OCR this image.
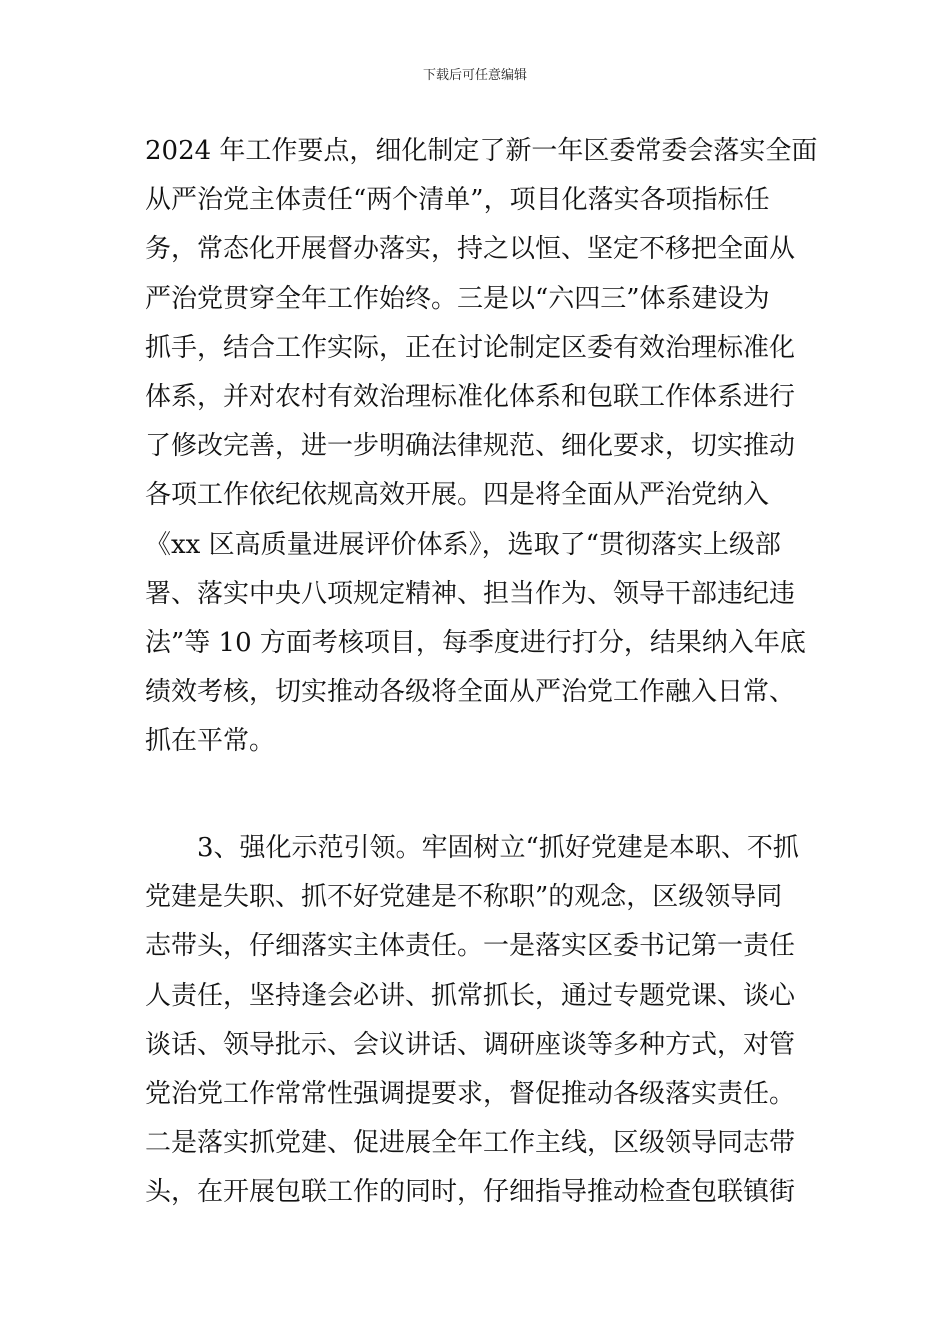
下载后可任意编辑
2024 年工作要点，细化制定了新一年区委常委会落实全面
从严治党主体责任“两个清单”，项目化落实各项指标任
务，常态化开展督办落实，持之以恒、坚定不移把全面从
严治党贯穿全年工作始终。三是以“六四三”体系建设为
抓手，结合工作实际，正在讨论制定区委有效治理标准化
体系，并对农村有效治理标准化体系和包联工作体系进行
了修改完善，进一步明确法律规范、细化要求，切实推动
各项工作依纪依规高效开展。四是将全面从严治党纳入
《xx 区高质量进展评价体系》，选取了“贯彻落实上级部
署、落实中央八项规定精神、担当作为、领导干部违纪违
法”等 10 方面考核项目，每季度进行打分，结果纳入年底
绩效考核，切实推动各级将全面从严治党工作融入日常、
抓在平常。
　　3、强化示范引领。牢固树立“抓好党建是本职、不抓
党建是失职、抓不好党建是不称职”的观念，区级领导同
志带头，仔细落实主体责任。一是落实区委书记第一责任
人责任，坚持逢会必讲、抓常抓长，通过专题党课、谈心
谈话、领导批示、会议讲话、调研座谈等多种方式，对管
党治党工作常常性强调提要求，督促推动各级落实责任。
二是落实抓党建、促进展全年工作主线，区级领导同志带
头，在开展包联工作的同时，仔细指导推动检查包联镇街
